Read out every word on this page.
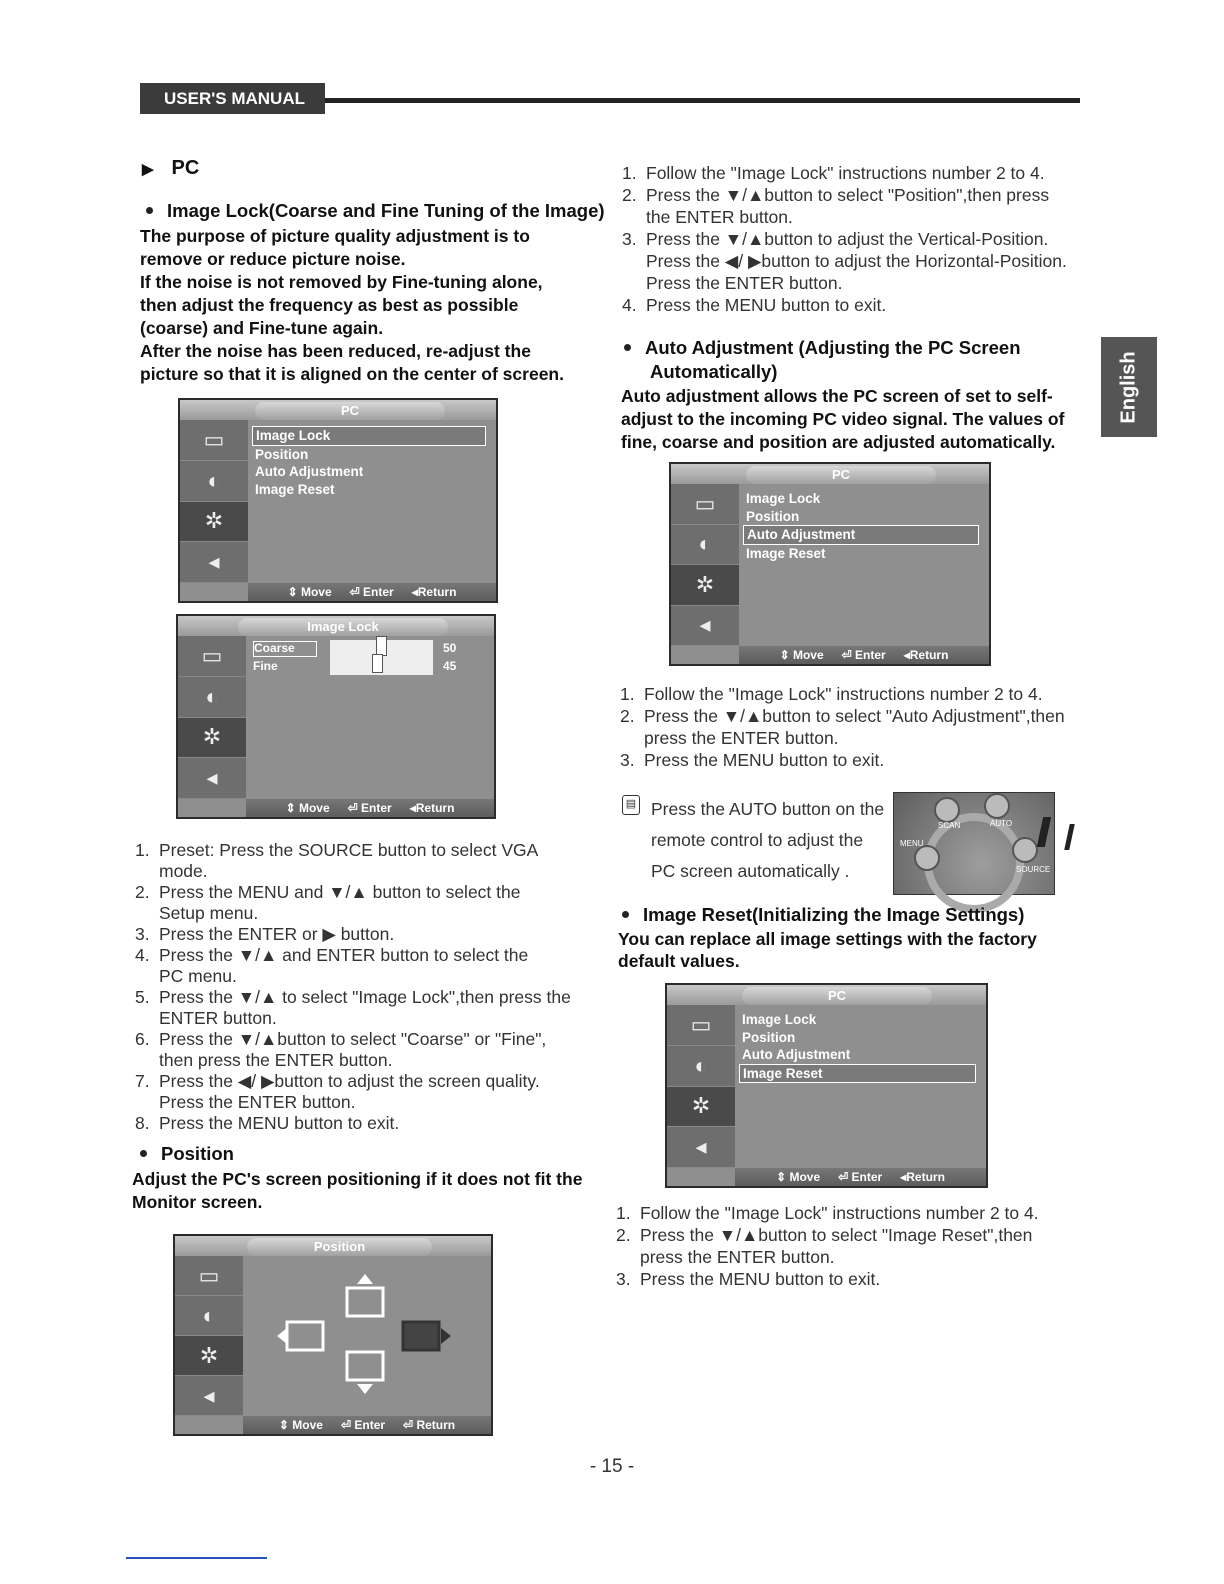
USER'S MANUAL
English
▶ PC
Image Lock(Coarse and Fine Tuning of the Image)
The purpose of picture quality adjustment is to
remove or reduce picture noise.
If the noise is not removed by Fine-tuning alone,
then adjust the frequency as best as possible
(coarse) and Fine-tune again.
After the noise has been reduced, re-adjust the
picture so that it is aligned on the center of screen.
PC
▭
◐
✲
◂
Image Lock
Position
Auto Adjustment
Image Reset
⇕ Move ⏎ Enter ◂Return
Image Lock
▭
◐
✲
◂
Coarse	50
Fine	45
⇕ Move ⏎ Enter ◂Return
1. Preset: Press the SOURCE button to select VGA
mode.
2. Press the MENU and ▼/▲ button to select the
Setup menu.
3. Press the ENTER or ▶ button.
4. Press the ▼/▲ and ENTER button to select the
PC menu.
5. Press the ▼/▲ to select "Image Lock",then press the
ENTER button.
6. Press the ▼/▲button to select "Coarse" or "Fine",
then press the ENTER button.
7. Press the ◀/ ▶button to adjust the screen quality.
Press the ENTER button.
8. Press the MENU button to exit.
Position
Adjust the PC's screen positioning if it does not fit the
Monitor screen.
Position
▭
◐
✲
◂
⇕ Move ⏎ Enter ⏎ Return
1. Follow the "Image Lock" instructions number 2 to 4.
2. Press the ▼/▲button to select "Position",then press
the ENTER button.
3. Press the ▼/▲button to adjust the Vertical-Position.
Press the ◀/ ▶button to adjust the Horizontal-Position.
Press the ENTER button.
4. Press the MENU button to exit.
Auto Adjustment (Adjusting the PC Screen
Automatically)
Auto adjustment allows the PC screen of set to self-
adjust to the incoming PC video signal. The values of
fine, coarse and position are adjusted automatically.
PC
▭
◐
✲
◂
Image Lock
Position
Auto Adjustment
Image Reset
⇕ Move ⏎ Enter ◂Return
1. Follow the "Image Lock" instructions number 2 to 4.
2. Press the ▼/▲button to select "Auto Adjustment",then
press the ENTER button.
3. Press the MENU button to exit.
▤ Press the AUTO button on the
remote control to adjust the
PC screen automatically .
SCAN	AUTO
MENU
SOURCE
Image Reset(Initializing the Image Settings)
You can replace all image settings with the factory
default values.
PC
▭
◐
✲
◂
Image Lock
Position
Auto Adjustment
Image Reset
⇕ Move ⏎ Enter ◂Return
1. Follow the "Image Lock" instructions number 2 to 4.
2. Press the ▼/▲button to select "Image Reset",then
press the ENTER button.
3. Press the MENU button to exit.
- 15 -
